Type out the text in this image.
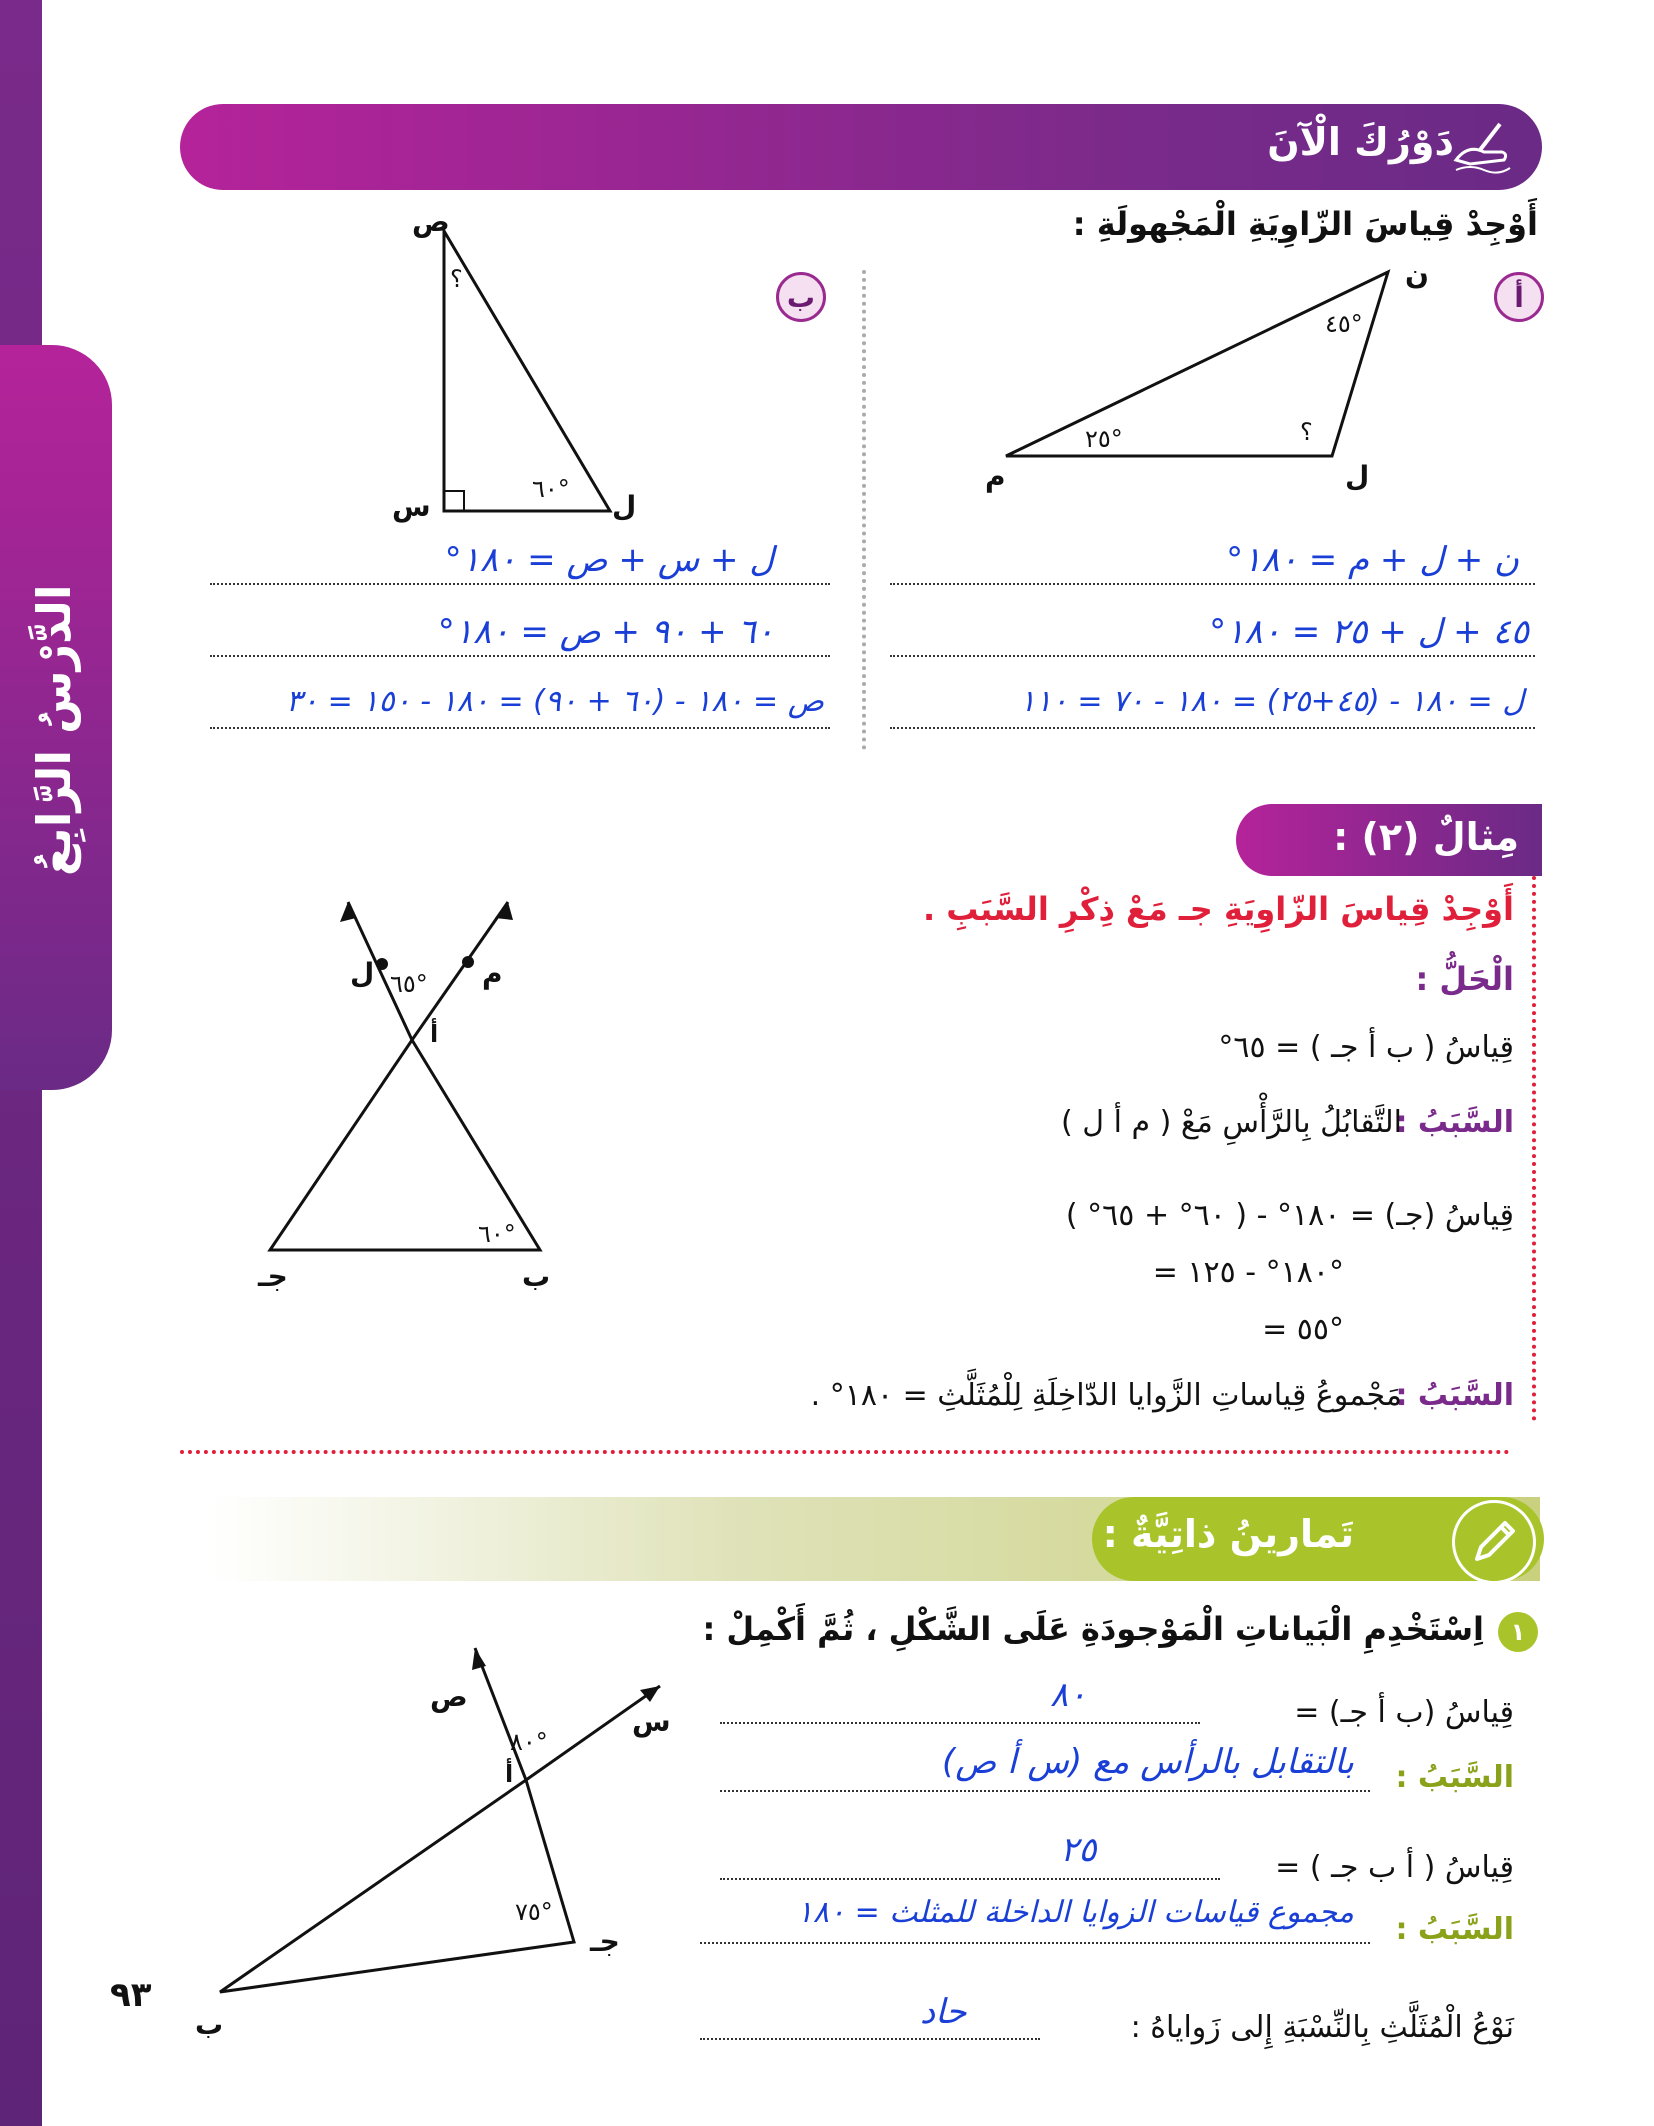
الدَّرْسُ الرَّابِعُ
دَوْرُكَ الْآنَ
أَوْجِدْ قِياسَ الزّاوِيَةِ الْمَجْهولَةِ :
أ
ن
م	ل
٤٥°
٢٥°	؟
ب
ص
س	ل
؟
٦٠°
ن + ل + م = ١٨٠°
٤٥ + ل + ٢٥ = ١٨٠°
ل = ١٨٠ - (٤٥+٢٥) = ١٨٠ - ٧٠ = ١١٠
ل + س + ص = ١٨٠°
٦٠ + ٩٠ + ص = ١٨٠°
ص = ١٨٠ - (٦٠ + ٩٠) = ١٨٠ - ١٥٠ = ٣٠
مِثالٌ (٢) :
أَوْجِدْ قِياسَ الزّاوِيَةِ جـ مَعْ ذِكْرِ السَّبَبِ .
الْحَلُّ :
قِياسُ ( ب أ جـ ) = ٦٥°
السَّبَبُ :
التَّقابُلُ بِالرَّأْسِ مَعْ ( م أ ل )
قِياسُ (جـ) = ١٨٠° - ( ٦٠° + ٦٥° )
= ١٨٠° - ١٢٥°
= ٥٥°
السَّبَبُ :
مَجْموعُ قِياساتِ الزَّوايا الدّاخِلَةِ لِلْمُثَلَّثِ = ١٨٠° .
ل	م
أ
ب
جـ
٦٥°
٦٠°
تَمارينُ ذاتِيَّةٌ :
١
اِسْتَخْدِمِ الْبَياناتِ الْمَوْجودَةِ عَلَى الشَّكْلِ ، ثُمَّ أَكْمِلْ :
قِياسُ (ب أ جـ) =
٨٠
السَّبَبُ :
بالتقابل بالرأس مع (س أ ص)
قِياسُ ( أ ب جـ ) =
٢٥
السَّبَبُ :
مجموع قياسات الزوايا الداخلة للمثلث = ١٨٠
نَوْعُ الْمُثَلَّثِ بِالنِّسْبَةِ إِلى زَواياهُ :
حاد
ص
س
أ
ب
جـ
٨٠°
٧٥°
٩٣
